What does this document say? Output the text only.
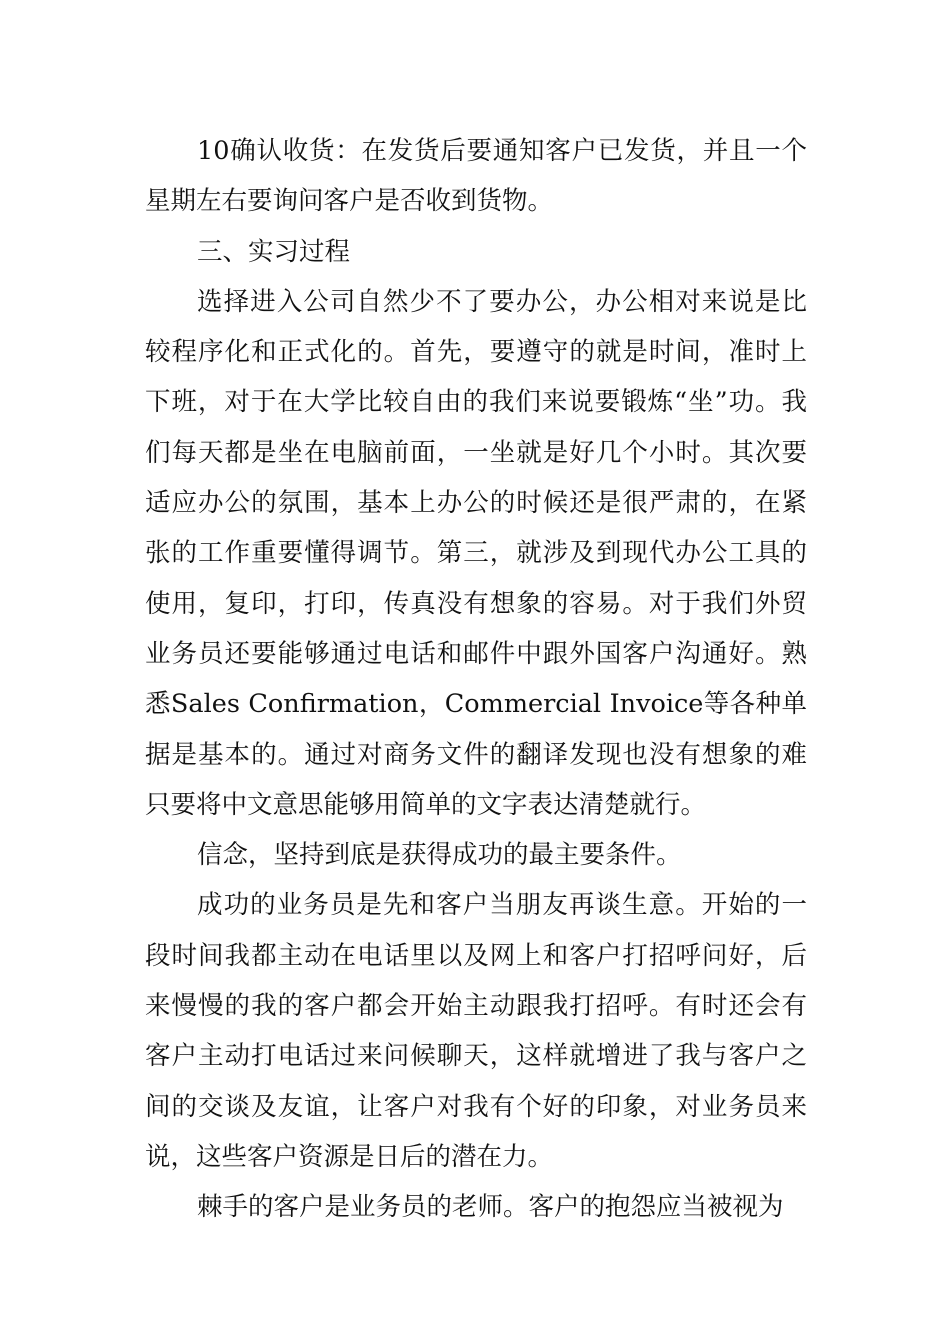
10确认收货：在发货后要通知客户已发货，并且一个星期左右要询问客户是否收到货物。

三、实习过程

选择进入公司自然少不了要办公，办公相对来说是比较程序化和正式化的。首先，要遵守的就是时间，准时上下班，对于在大学比较自由的我们来说要锻炼“坐”功。我们每天都是坐在电脑前面，一坐就是好几个小时。其次要适应办公的氛围，基本上办公的时候还是很严肃的，在紧张的工作重要懂得调节。第三，就涉及到现代办公工具的使用，复印，打印，传真没有想象的容易。对于我们外贸业务员还要能够通过电话和邮件中跟外国客户沟通好。熟悉Sales Confirmation，Commercial Invoice等各种单据是基本的。通过对商务文件的翻译发现也没有想象的难只要将中文意思能够用简单的文字表达清楚就行。

信念，坚持到底是获得成功的最主要条件。

成功的业务员是先和客户当朋友再谈生意。开始的一段时间我都主动在电话里以及网上和客户打招呼问好，后来慢慢的我的客户都会开始主动跟我打招呼。有时还会有客户主动打电话过来问候聊天，这样就增进了我与客户之间的交谈及友谊，让客户对我有个好的印象，对业务员来说，这些客户资源是日后的潜在力。

棘手的客户是业务员的老师。客户的抱怨应当被视为
